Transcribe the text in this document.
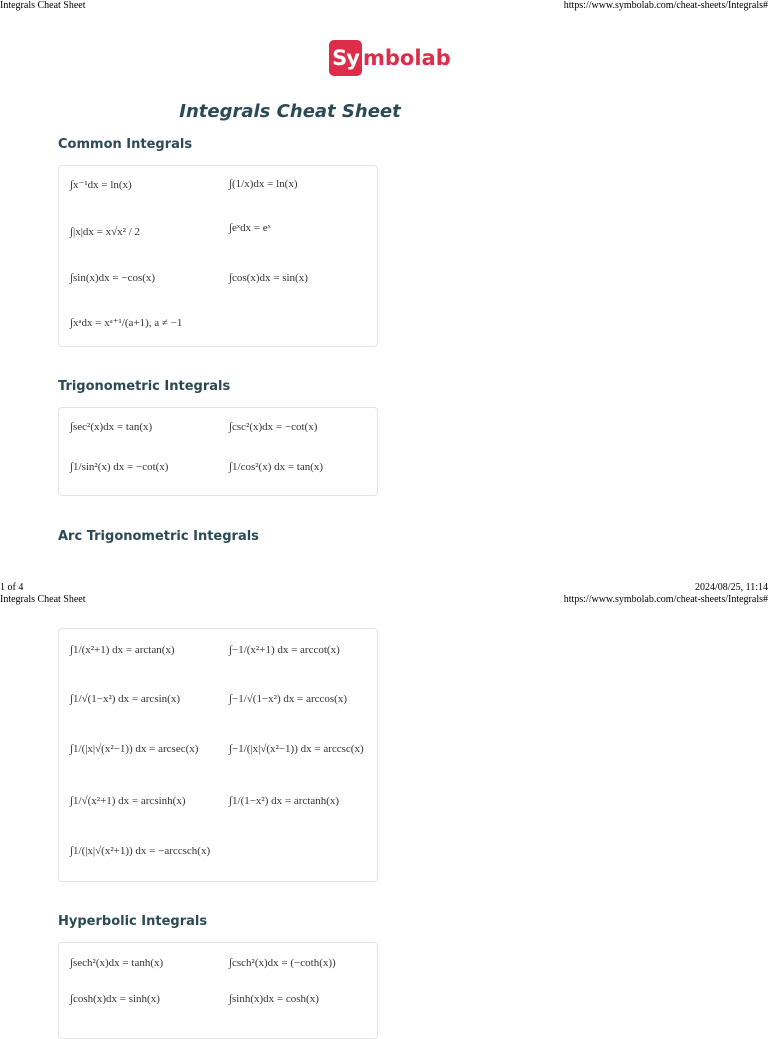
Integrals Cheat Sheet	https://www.symbolab.com/cheat-sheets/Integrals#
Sy mbolab
Integrals Cheat Sheet
Common Integrals
∫x⁻¹dx = ln(x)	∫(1/x)dx = ln(x)
∫|x|dx = x√x² / 2	∫eˣdx = eˣ
∫sin(x)dx = −cos(x)	∫cos(x)dx = sin(x)
∫xᵃdx = xᵃ⁺¹/(a+1), a ≠ −1
Trigonometric Integrals
∫sec²(x)dx = tan(x)	∫csc²(x)dx = −cot(x)
∫1/sin²(x) dx = −cot(x)	∫1/cos²(x) dx = tan(x)
Arc Trigonometric Integrals
1 of 4	2024/08/25, 11:14
Integrals Cheat Sheet	https://www.symbolab.com/cheat-sheets/Integrals#
∫1/(x²+1) dx = arctan(x)	∫−1/(x²+1) dx = arccot(x)
∫1/√(1−x²) dx = arcsin(x)	∫−1/√(1−x²) dx = arccos(x)
∫1/(|x|√(x²−1)) dx = arcsec(x)	∫−1/(|x|√(x²−1)) dx = arccsc(x)
∫1/√(x²+1) dx = arcsinh(x)	∫1/(1−x²) dx = arctanh(x)
∫1/(|x|√(x²+1)) dx = −arccsch(x)
Hyperbolic Integrals
∫sech²(x)dx = tanh(x)	∫csch²(x)dx = (−coth(x))
∫cosh(x)dx = sinh(x)	∫sinh(x)dx = cosh(x)
